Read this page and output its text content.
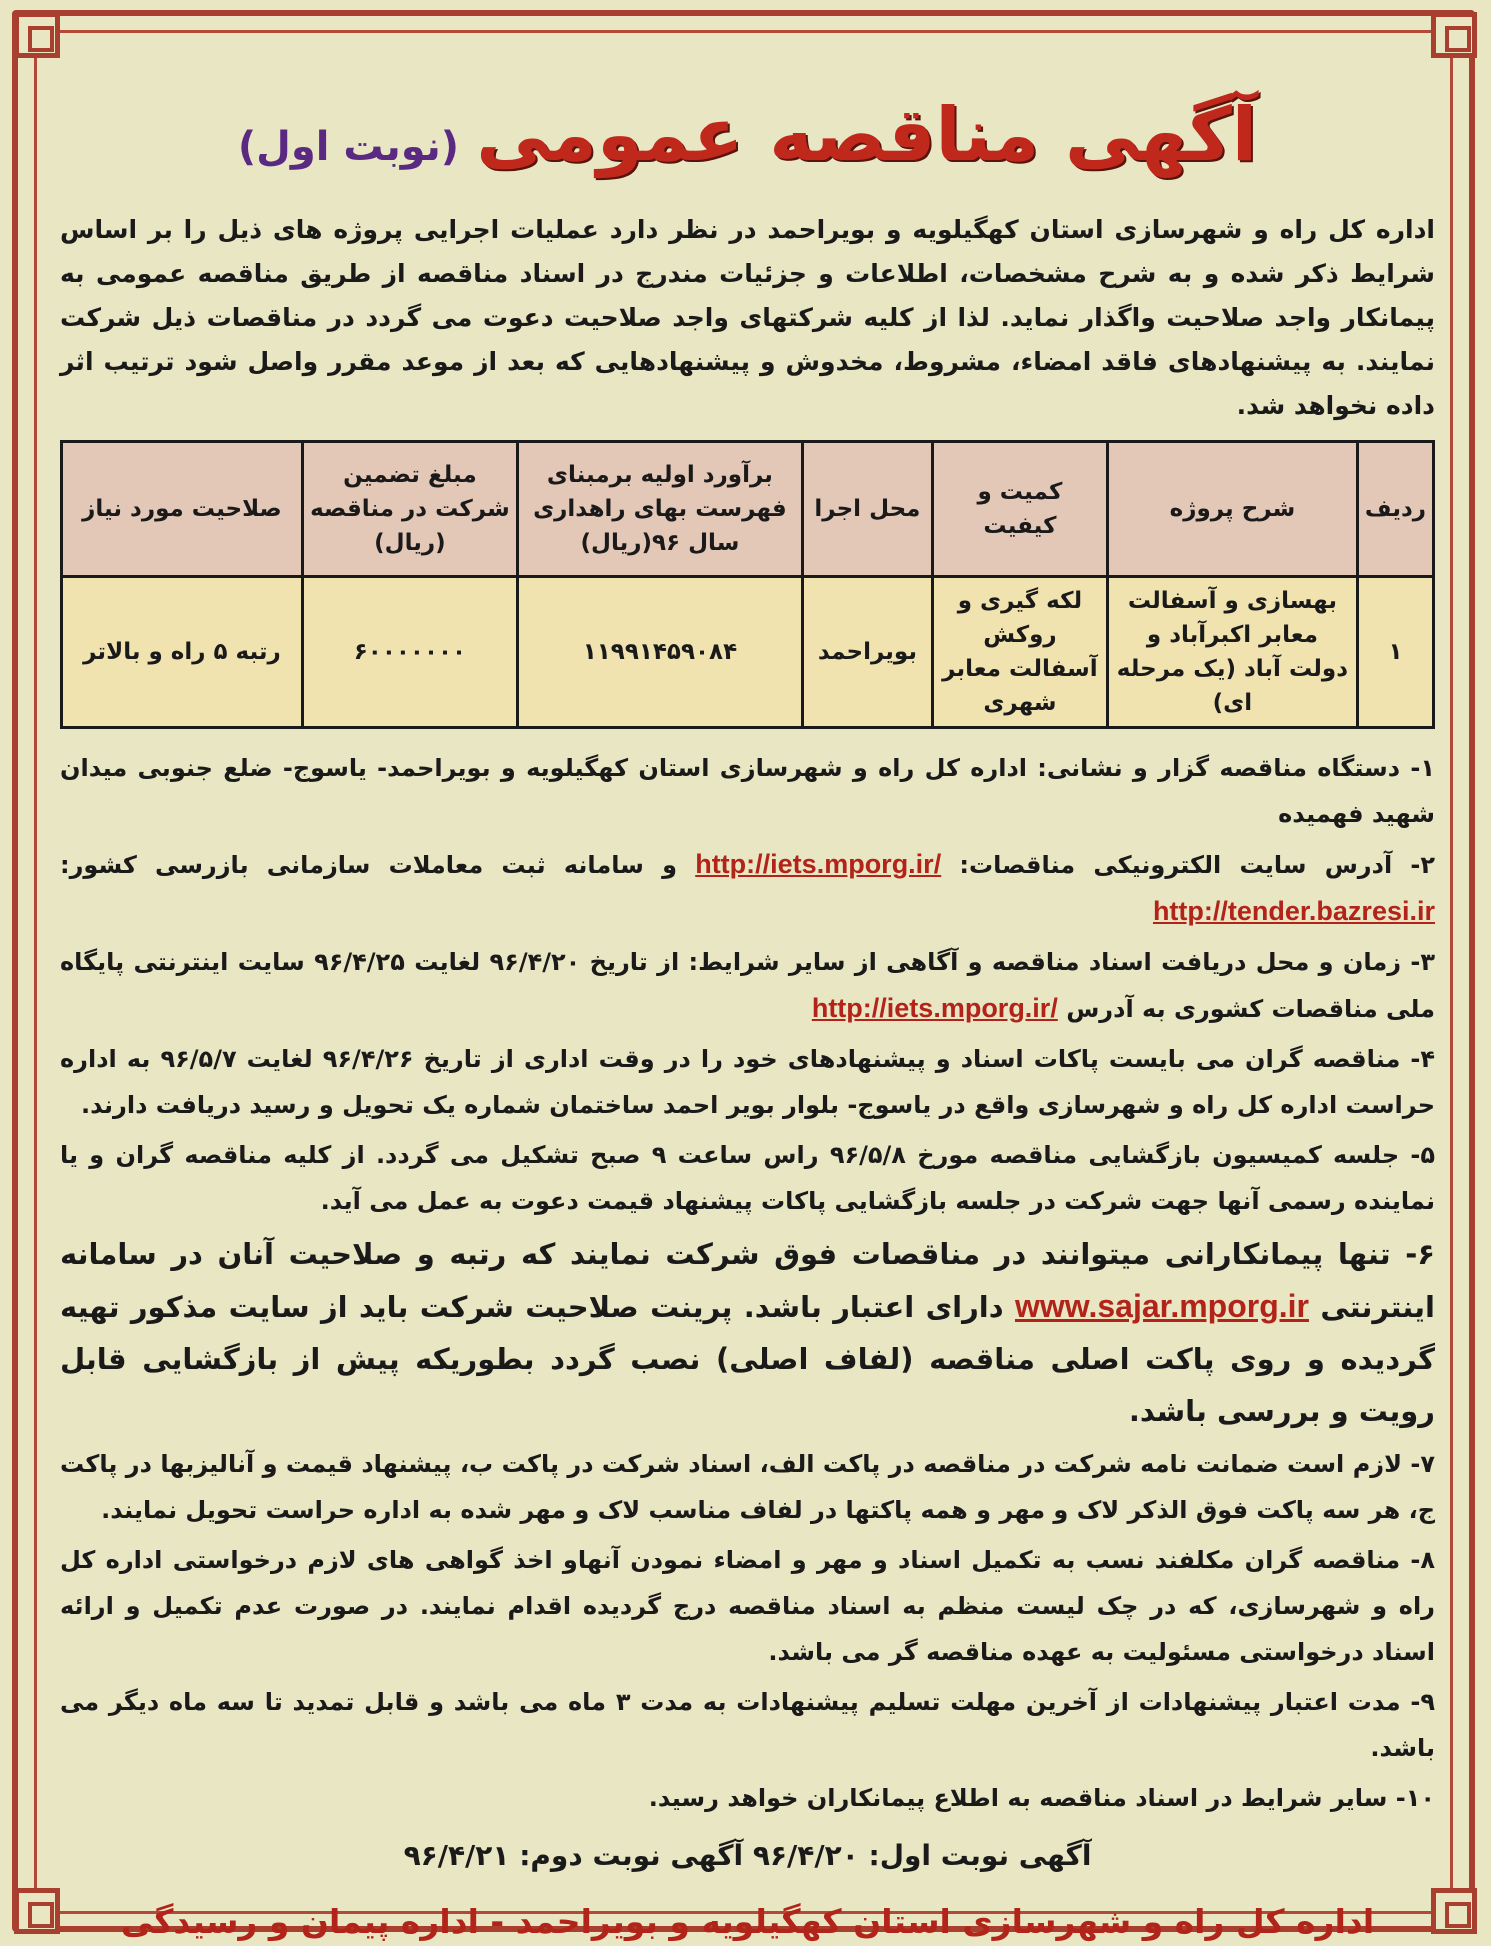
آگهی مناقصه عمومی (نوبت اول)
اداره کل راه و شهرسازی استان کهگیلویه و بویراحمد در نظر دارد عملیات اجرایی پروژه های ذیل را بر اساس شرایط ذکر شده و به شرح مشخصات، اطلاعات و جزئیات مندرج در اسناد مناقصه از طریق مناقصه عمومی به پیمانکار واجد صلاحیت واگذار نماید. لذا از کلیه شرکتهای واجد صلاحیت دعوت می گردد در مناقصات ذیل شرکت نمایند. به پیشنهادهای فاقد امضاء، مشروط، مخدوش و پیشنهادهایی که بعد از موعد مقرر واصل شود ترتیب اثر داده نخواهد شد.
ردیف	شرح پروژه	کمیت و کیفیت	محل اجرا	برآورد اولیه برمبنای فهرست بهای راهداری سال ۹۶(ریال)	مبلغ تضمین شرکت در مناقصه (ریال)	صلاحیت مورد نیاز
۱	بهسازی و آسفالت معابر اکبرآباد و دولت آباد (یک مرحله ای)	لکه گیری و روکش آسفالت معابر شهری	بویراحمد	۱۱۹۹۱۴۵۹۰۸۴	۶۰۰۰۰۰۰۰	رتبه ۵ راه و بالاتر

۱- دستگاه مناقصه گزار و نشانی: اداره کل راه و شهرسازی استان کهگیلویه و بویراحمد- یاسوج- ضلع جنوبی میدان شهید فهمیده

۲- آدرس سایت الکترونیکی مناقصات: http://iets.mporg.ir/ و سامانه ثبت معاملات سازمانی بازرسی کشور: http://tender.bazresi.ir

۳- زمان و محل دریافت اسناد مناقصه و آگاهی از سایر شرایط: از تاریخ ۹۶/۴/۲۰ لغایت ۹۶/۴/۲۵ سایت اینترنتی پایگاه ملی مناقصات کشوری به آدرس http://iets.mporg.ir/

۴- مناقصه گران می بایست پاکات اسناد و پیشنهادهای خود را در وقت اداری از تاریخ ۹۶/۴/۲۶ لغایت ۹۶/۵/۷ به اداره حراست اداره کل راه و شهرسازی واقع در یاسوج- بلوار بویر احمد ساختمان شماره یک تحویل و رسید دریافت دارند.

۵- جلسه کمیسیون بازگشایی مناقصه مورخ ۹۶/۵/۸ راس ساعت ۹ صبح تشکیل می گردد. از کلیه مناقصه گران و یا نماینده رسمی آنها جهت شرکت در جلسه بازگشایی پاکات پیشنهاد قیمت دعوت به عمل می آید.

۶- تنها پیمانکارانی میتوانند در مناقصات فوق شرکت نمایند که رتبه و صلاحیت آنان در سامانه اینترنتی www.sajar.mporg.ir دارای اعتبار باشد. پرینت صلاحیت شرکت باید از سایت مذکور تهیه گردیده و روی پاکت اصلی مناقصه (لفاف اصلی) نصب گردد بطوریکه پیش از بازگشایی قابل رویت و بررسی باشد.

۷- لازم است ضمانت نامه شرکت در مناقصه در پاکت الف، اسناد شرکت در پاکت ب، پیشنهاد قیمت و آنالیزبها در پاکت ج، هر سه پاکت فوق الذکر لاک و مهر و همه پاکتها در لفاف مناسب لاک و مهر شده به اداره حراست تحویل نمایند.

۸- مناقصه گران مکلفند نسب به تکمیل اسناد و مهر و امضاء نمودن آنهاو اخذ گواهی های لازم درخواستی اداره کل راه و شهرسازی، که در چک لیست منظم به اسناد مناقصه درج گردیده اقدام نمایند. در صورت عدم تکمیل و ارائه اسناد درخواستی مسئولیت به عهده مناقصه گر می باشد.

۹- مدت اعتبار پیشنهادات از آخرین مهلت تسلیم پیشنهادات به مدت ۳ ماه می باشد و قابل تمدید تا سه ماه دیگر می باشد.

۱۰- سایر شرایط در اسناد مناقصه به اطلاع پیمانکاران خواهد رسید.

آگهی نوبت اول: ۹۶/۴/۲۰ آگهی نوبت دوم: ۹۶/۴/۲۱
اداره کل راه و شهرسازی استان کهگیلویه و بویراحمد - اداره پیمان و رسیدگی
